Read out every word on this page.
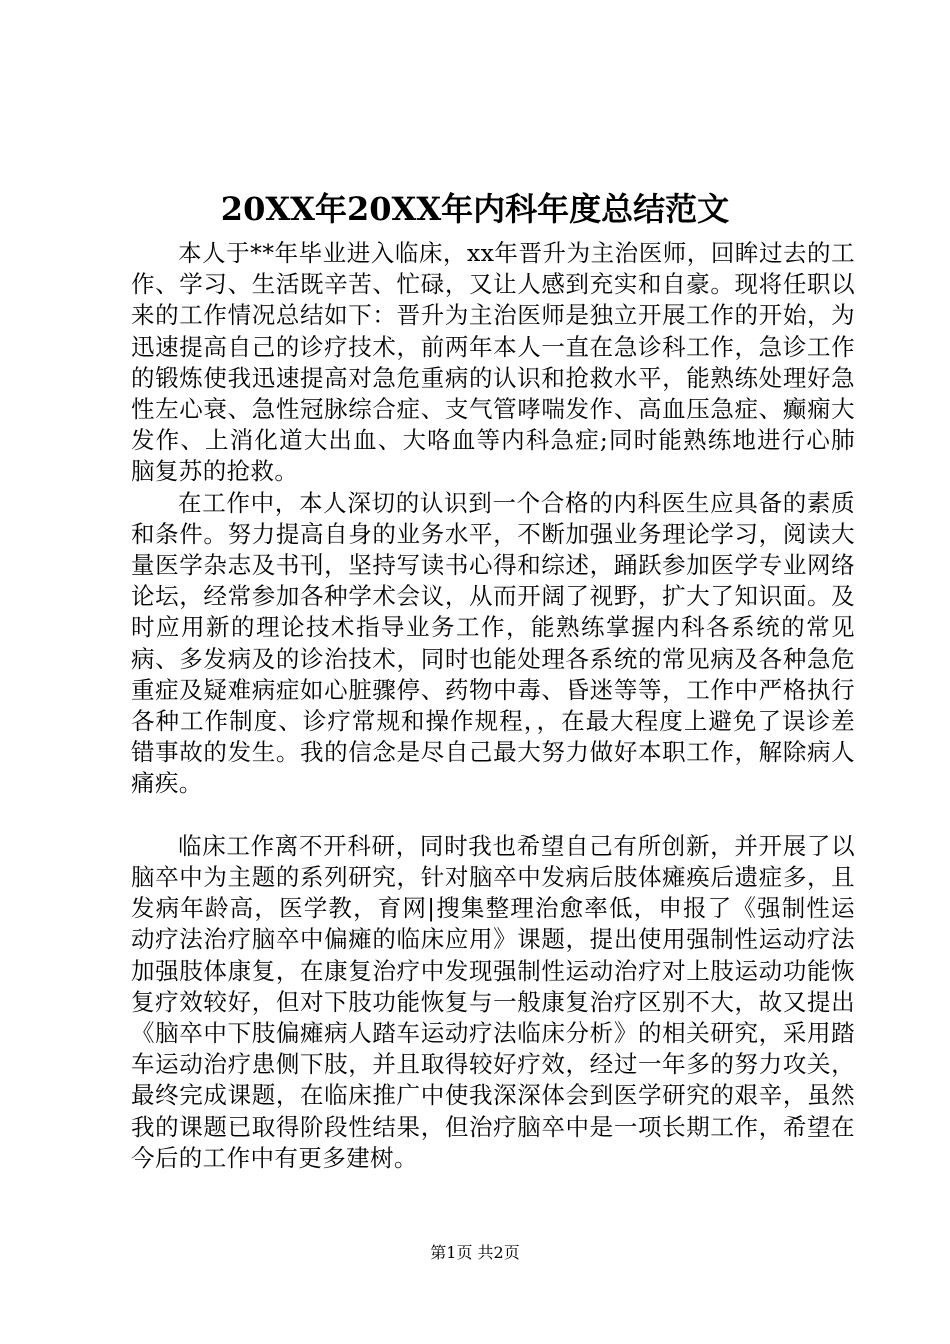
20XX年20XX年内科年度总结范文

本人于**年毕业进入临床，xx年晋升为主治医师，回眸过去的工作、学习、生活既辛苦、忙碌，又让人感到充实和自豪。现将任职以来的工作情况总结如下：晋升为主治医师是独立开展工作的开始，为迅速提高自己的诊疗技术，前两年本人一直在急诊科工作，急诊工作的锻炼使我迅速提高对急危重病的认识和抢救水平，能熟练处理好急性左心衰、急性冠脉综合症、支气管哮喘发作、高血压急症、癫痫大发作、上消化道大出血、大咯血等内科急症;同时能熟练地进行心肺脑复苏的抢救。

在工作中，本人深切的认识到一个合格的内科医生应具备的素质和条件。努力提高自身的业务水平，不断加强业务理论学习，阅读大量医学杂志及书刊，坚持写读书心得和综述，踊跃参加医学专业网络论坛，经常参加各种学术会议，从而开阔了视野，扩大了知识面。及时应用新的理论技术指导业务工作，能熟练掌握内科各系统的常见病、多发病及的诊治技术，同时也能处理各系统的常见病及各种急危重症及疑难病症如心脏骤停、药物中毒、昏迷等等，工作中严格执行各种工作制度、诊疗常规和操作规程，，在最大程度上避免了误诊差错事故的发生。我的信念是尽自己最大努力做好本职工作，解除病人痛疾。

临床工作离不开科研，同时我也希望自己有所创新，并开展了以脑卒中为主题的系列研究，针对脑卒中发病后肢体瘫痪后遗症多，且发病年龄高，医学教，育网|搜集整理治愈率低，申报了《强制性运动疗法治疗脑卒中偏瘫的临床应用》课题，提出使用强制性运动疗法加强肢体康复，在康复治疗中发现强制性运动治疗对上肢运动功能恢复疗效较好，但对下肢功能恢复与一般康复治疗区别不大，故又提出《脑卒中下肢偏瘫病人踏车运动疗法临床分析》的相关研究，采用踏车运动治疗患侧下肢，并且取得较好疗效，经过一年多的努力攻关，最终完成课题，在临床推广中使我深深体会到医学研究的艰辛，虽然我的课题已取得阶段性结果，但治疗脑卒中是一项长期工作，希望在今后的工作中有更多建树。

第1页 共2页
